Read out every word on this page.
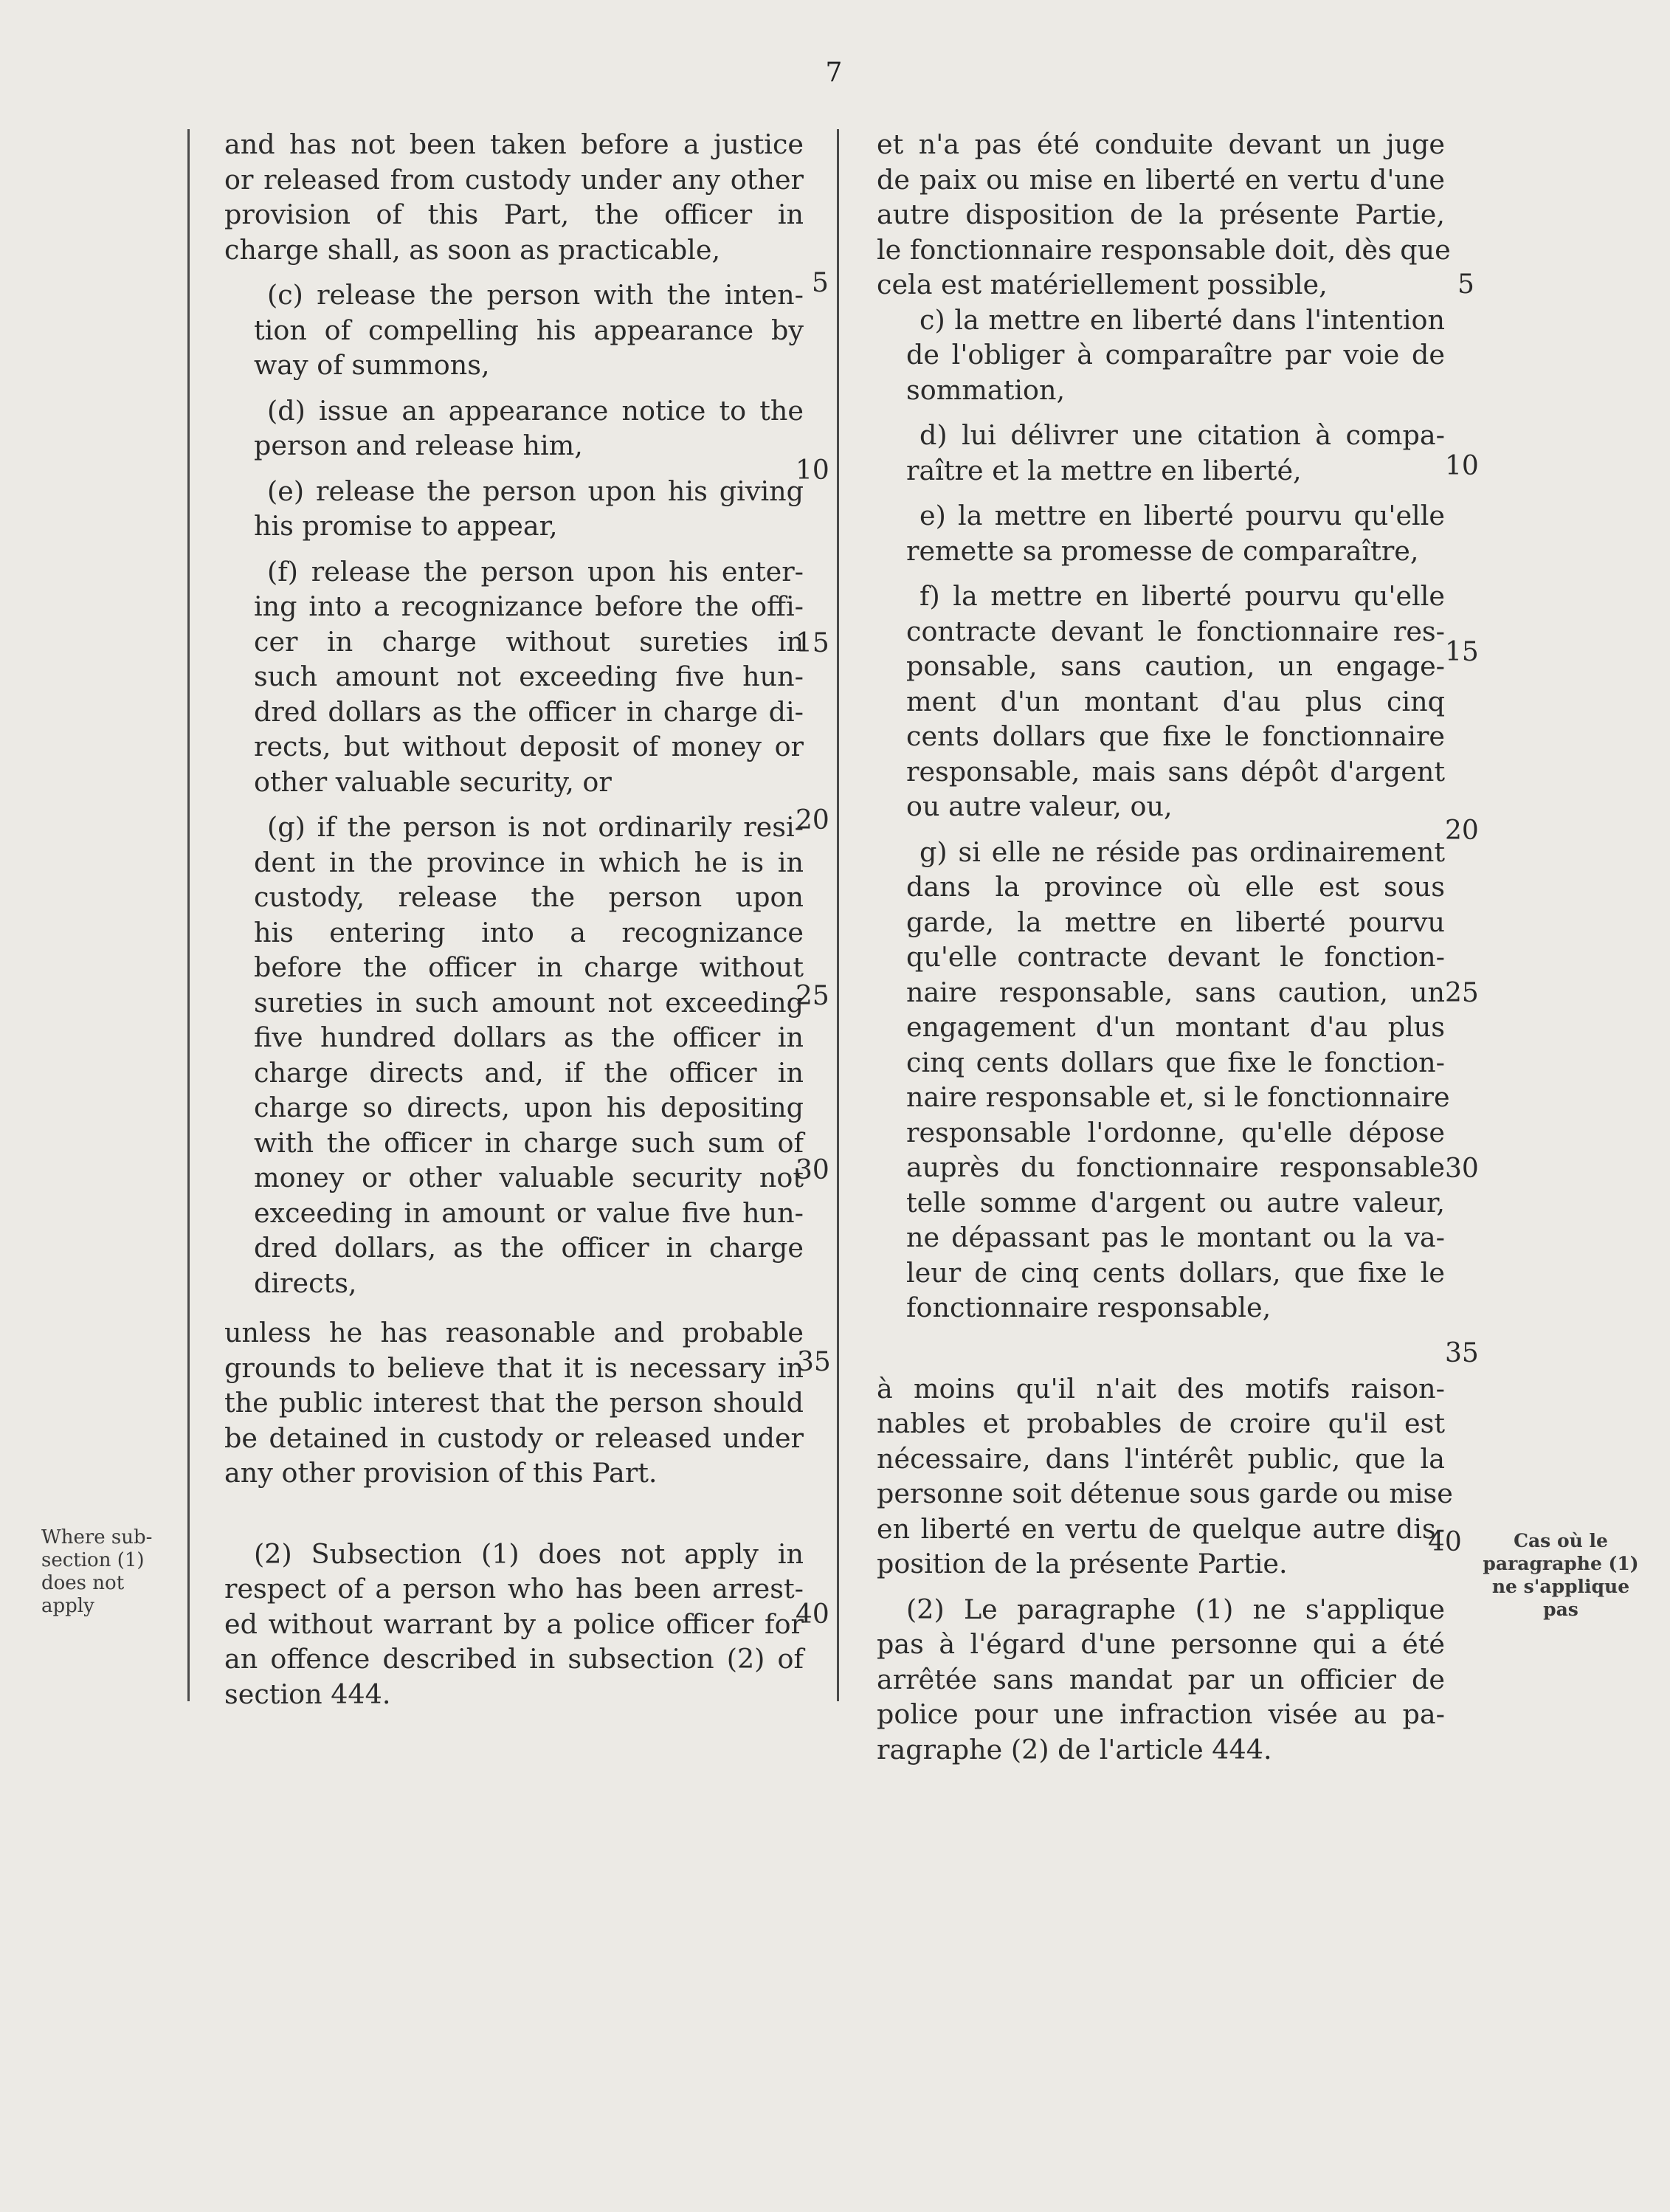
7
and has not been taken before a justice
or released from custody under any other
provision of this Part, the officer in
charge shall, as soon as practicable,
(c) release the person with the inten-
tion of compelling his appearance by
way of summons,
(d) issue an appearance notice to the
person and release him,
(e) release the person upon his giving
his promise to appear,
(f) release the person upon his enter-
ing into a recognizance before the offi-
cer in charge without sureties in
such amount not exceeding five hun-
dred dollars as the officer in charge di-
rects, but without deposit of money or
other valuable security, or
(g) if the person is not ordinarily resi-
dent in the province in which he is in
custody, release the person upon
his entering into a recognizance
before the officer in charge without
sureties in such amount not exceeding
five hundred dollars as the officer in
charge directs and, if the officer in
charge so directs, upon his depositing
with the officer in charge such sum of
money or other valuable security not
exceeding in amount or value five hun-
dred dollars, as the officer in charge
directs,
unless he has reasonable and probable
grounds to believe that it is necessary in
the public interest that the person should
be detained in custody or released under
any other provision of this Part.
(2) Subsection (1) does not apply in
respect of a person who has been arrest-
ed without warrant by a police officer for
an offence described in subsection (2) of
section 444.
5
10
15
20
25
30
35
40
et n'a pas été conduite devant un juge
de paix ou mise en liberté en vertu d'une
autre disposition de la présente Partie,
le fonctionnaire responsable doit, dès que
cela est matériellement possible,
c) la mettre en liberté dans l'intention
de l'obliger à comparaître par voie de
sommation,
d) lui délivrer une citation à compa-
raître et la mettre en liberté,
e) la mettre en liberté pourvu qu'elle
remette sa promesse de comparaître,
f) la mettre en liberté pourvu qu'elle
contracte devant le fonctionnaire res-
ponsable, sans caution, un engage-
ment d'un montant d'au plus cinq
cents dollars que fixe le fonctionnaire
responsable, mais sans dépôt d'argent
ou autre valeur, ou,
g) si elle ne réside pas ordinairement
dans la province où elle est sous
garde, la mettre en liberté pourvu
qu'elle contracte devant le fonction-
naire responsable, sans caution, un
engagement d'un montant d'au plus
cinq cents dollars que fixe le fonction-
naire responsable et, si le fonctionnaire
responsable l'ordonne, qu'elle dépose
auprès du fonctionnaire responsable
telle somme d'argent ou autre valeur,
ne dépassant pas le montant ou la va-
leur de cinq cents dollars, que fixe le
fonctionnaire responsable,
à moins qu'il n'ait des motifs raison-
nables et probables de croire qu'il est
nécessaire, dans l'intérêt public, que la
personne soit détenue sous garde ou mise
en liberté en vertu de quelque autre dis-
position de la présente Partie.
(2) Le paragraphe (1) ne s'applique
pas à l'égard d'une personne qui a été
arrêtée sans mandat par un officier de
police pour une infraction visée au pa-
ragraphe (2) de l'article 444.
5
10
15
20
25
30
35
40
Where sub-section (1) does not apply
Cas où le paragraphe (1) ne s'applique pas
